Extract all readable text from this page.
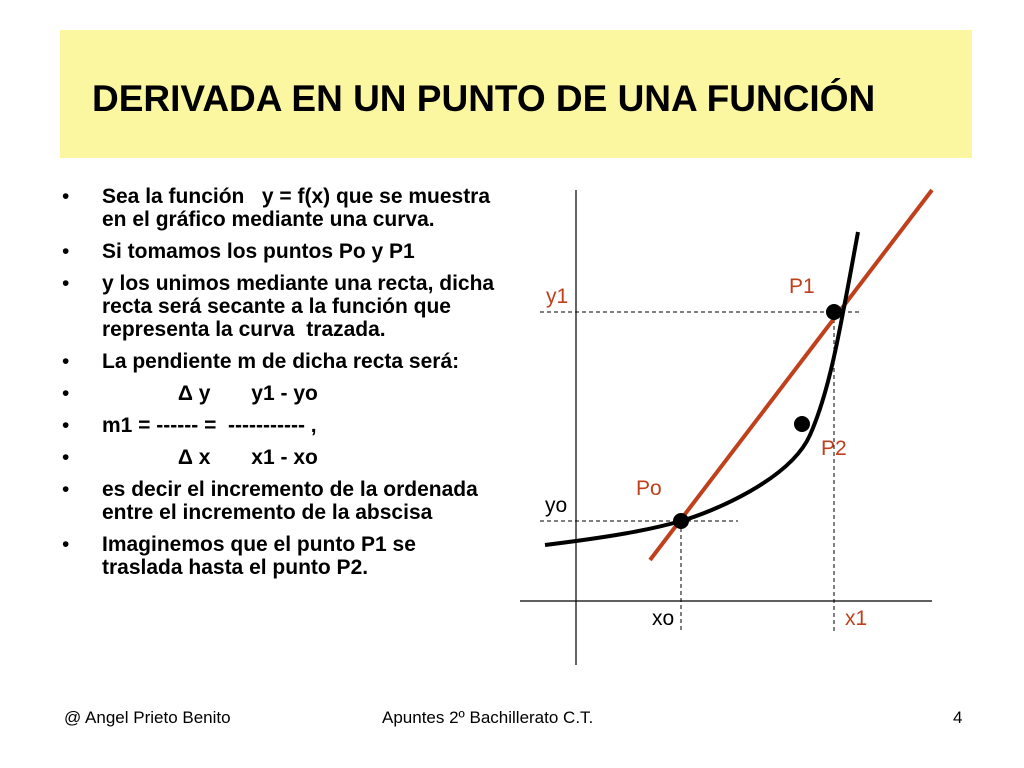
DERIVADA EN UN PUNTO DE UNA FUNCIÓN
• Sea la función   y = f(x) que se muestra en el gráfico mediante una curva.
• Si tomamos los puntos Po y P1
• y los unimos mediante una recta, dicha recta será secante a la función que representa la curva  trazada.
• La pendiente m de dicha recta será:
• Δ y       y1 - yo
• m1 = ------ =  ----------- ,
• Δ x       x1 - xo
• es decir el incremento de la ordenada entre el incremento de la abscisa
• Imaginemos que el punto P1 se traslada hasta el punto P2.
y1	P1
P2
Po
yo
xo	x1
@ Angel Prieto Benito	Apuntes 2º Bachillerato C.T.	4
